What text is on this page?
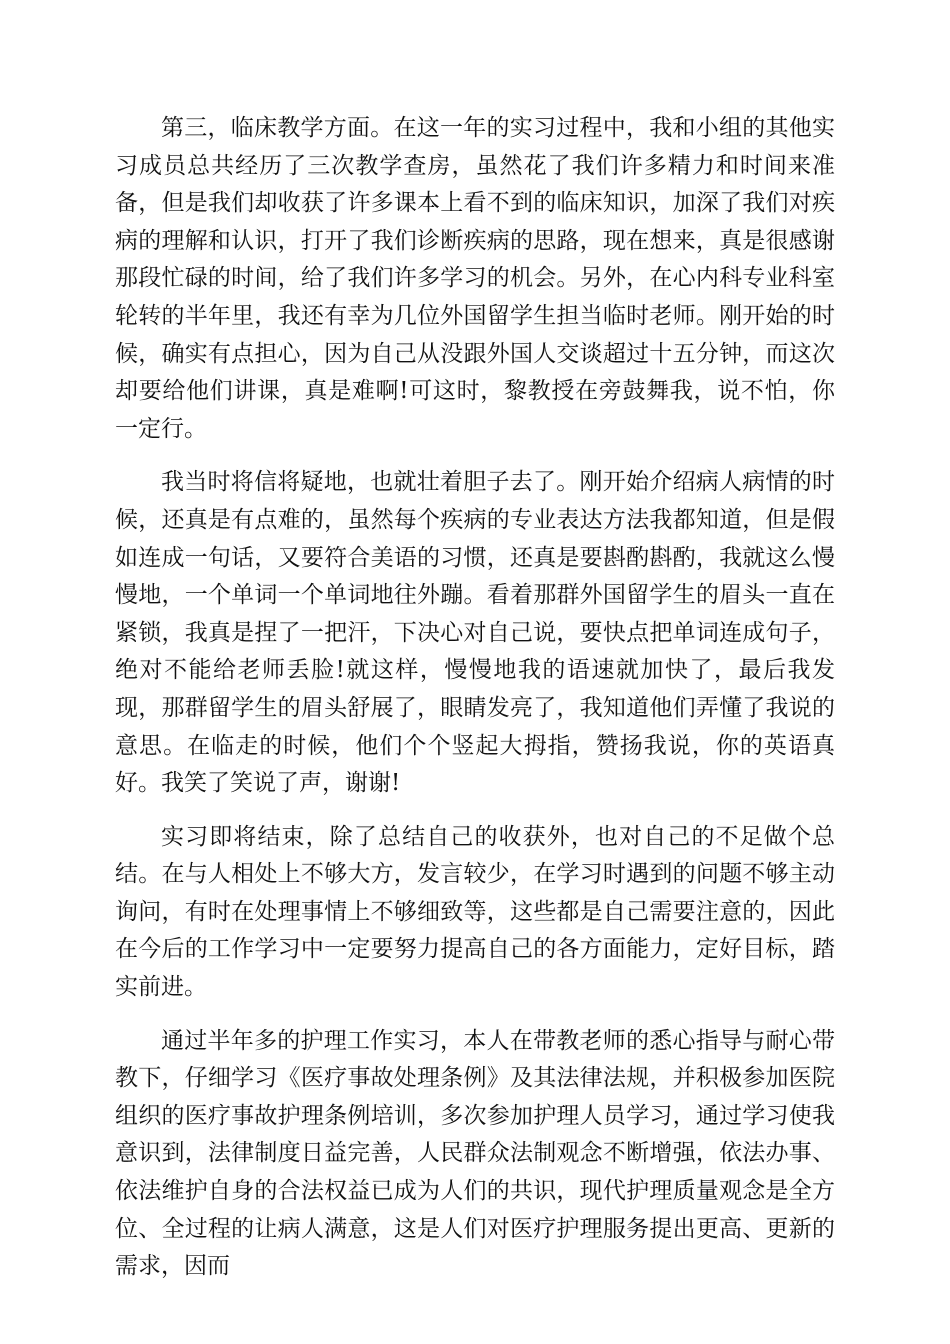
第三，临床教学方面。在这一年的实习过程中，我和小组的其他实习成员总共经历了三次教学查房，虽然花了我们许多精力和时间来准备，但是我们却收获了许多课本上看不到的临床知识，加深了我们对疾病的理解和认识，打开了我们诊断疾病的思路，现在想来，真是很感谢那段忙碌的时间，给了我们许多学习的机会。另外，在心内科专业科室轮转的半年里，我还有幸为几位外国留学生担当临时老师。刚开始的时候，确实有点担心，因为自己从没跟外国人交谈超过十五分钟，而这次却要给他们讲课，真是难啊!可这时，黎教授在旁鼓舞我，说不怕，你一定行。

我当时将信将疑地，也就壮着胆子去了。刚开始介绍病人病情的时候，还真是有点难的，虽然每个疾病的专业表达方法我都知道，但是假如连成一句话，又要符合美语的习惯，还真是要斟酌斟酌，我就这么慢慢地，一个单词一个单词地往外蹦。看着那群外国留学生的眉头一直在紧锁，我真是捏了一把汗，下决心对自己说，要快点把单词连成句子，绝对不能给老师丢脸!就这样，慢慢地我的语速就加快了，最后我发现，那群留学生的眉头舒展了，眼睛发亮了，我知道他们弄懂了我说的意思。在临走的时候，他们个个竖起大拇指，赞扬我说，你的英语真好。我笑了笑说了声，谢谢!

实习即将结束，除了总结自己的收获外，也对自己的不足做个总结。在与人相处上不够大方，发言较少，在学习时遇到的问题不够主动询问，有时在处理事情上不够细致等，这些都是自己需要注意的，因此在今后的工作学习中一定要努力提高自己的各方面能力，定好目标，踏实前进。

通过半年多的护理工作实习，本人在带教老师的悉心指导与耐心带教下，仔细学习《医疗事故处理条例》及其法律法规，并积极参加医院组织的医疗事故护理条例培训，多次参加护理人员学习，通过学习使我意识到，法律制度日益完善，人民群众法制观念不断增强，依法办事、依法维护自身的合法权益已成为人们的共识，现代护理质量观念是全方位、全过程的让病人满意，这是人们对医疗护理服务提出更高、更新的需求，因而
